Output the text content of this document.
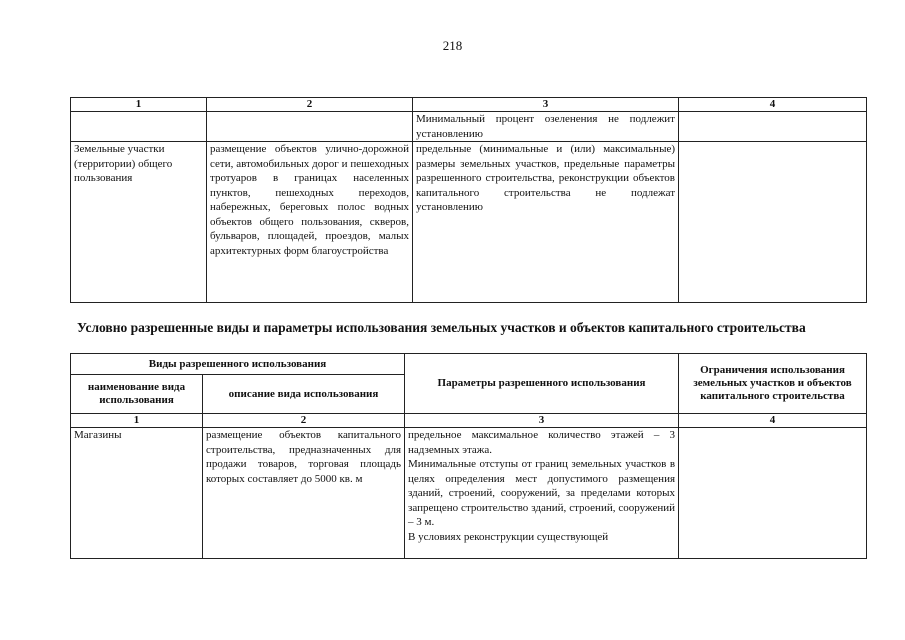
218
1	2	3	4
		Минимальный процент озеленения не подлежит установлению	
Земельные участки (территории) общего пользования	размещение объектов улично-дорожной сети, автомобильных дорог и пешеходных тротуаров в границах населенных пунктов, пешеходных переходов, набережных, береговых полос водных объектов общего пользования, скверов, бульваров, площадей, проездов, малых архитектурных форм благоустройства	предельные (минимальные и (или) максимальные) размеры земельных участков, предельные параметры разрешенного строительства, реконструкции объектов капитального строительства не подлежат установлению	
Условно разрешенные виды и параметры использования земельных участков и объектов капитального строительства
Виды разрешенного использования		Параметры разрешенного использования	Ограничения использования земельных участков и объектов капитального строительства
наименование вида использования	описание вида использования		
1	2	3	4
Магазины	размещение объектов капитального строительства, предназначенных для продажи товаров, торговая площадь которых составляет до 5000 кв. м	предельное максимальное количество этажей – 3 надземных этажа.
Минимальные отступы от границ земельных участков в целях определения мест допустимого размещения зданий, строений, сооружений, за пределами которых запрещено строительство зданий, строений, сооружений – 3 м.
В условиях реконструкции существующей	
